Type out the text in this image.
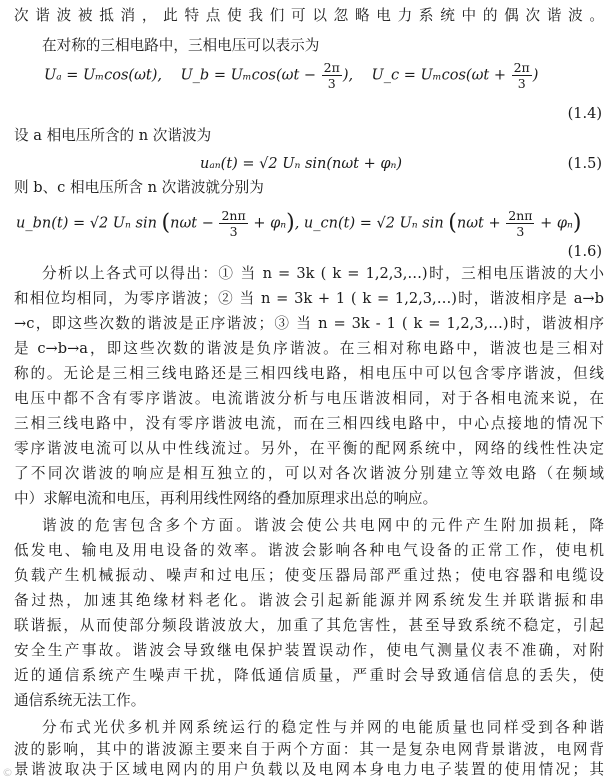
次谐波被抵消，此特点使我们可以忽略电力系统中的偶次谐波。
在对称的三相电路中，三相电压可以表示为
Uₐ = Uₘcos(ωt), U_b = $U_m\cos(\omega t - \frac{2\pi}{3}$ ), U_c = $U_m\cos(\omega t + \frac{2\pi}{3}$ )
(1.4)
设 a 相电压所含的 n 次谐波为
uₐₙ(t) = √2 Uₙ sin(nωt + φₙ)	(1.5)
则 b、c 相电压所含 n 次谐波就分别为
u_bn(t) = √2 Uₙ $\sin (n\omega t - \frac{2n\pi}{3} + \varphi_n)$, u_cn(t) = √2 Uₙ $\sin (n\omega t + \frac{2n\pi}{3} + \varphi_n)$
(1.6)
分析以上各式可以得出：① 当 n = 3k ( k = 1,2,3,…)时，三相电压谐波的大小
和相位均相同，为零序谐波；② 当 n = 3k + 1 ( k = 1,2,3,…)时，谐波相序是 a→b
→c，即这些次数的谐波是正序谐波；③ 当 n = 3k - 1 ( k = 1,2,3,…)时，谐波相序
是 c→b→a，即这些次数的谐波是负序谐波。在三相对称电路中，谐波也是三相对
称的。无论是三相三线电路还是三相四线电路，相电压中可以包含零序谐波，但线
电压中都不含有零序谐波。电流谐波分析与电压谐波相同，对于各相电流来说，在
三相三线电路中，没有零序谐波电流，而在三相四线电路中，中心点接地的情况下
零序谐波电流可以从中性线流过。另外，在平衡的配网系统中，网络的线性性决定
了不同次谐波的响应是相互独立的，可以对各次谐波分别建立等效电路（在频域
中）求解电流和电压，再利用线性网络的叠加原理求出总的响应。
谐波的危害包含多个方面。谐波会使公共电网中的元件产生附加损耗，降
低发电、输电及用电设备的效率。谐波会影响各种电气设备的正常工作，使电机
负载产生机械振动、噪声和过电压；使变压器局部严重过热；使电容器和电缆设
备过热，加速其绝缘材料老化。谐波会引起新能源并网系统发生并联谐振和串
联谐振，从而使部分频段谐波放大，加重了其危害性，甚至导致系统不稳定，引起
安全生产事故。谐波会导致继电保护装置误动作，使电气测量仪表不准确，对附
近的通信系统产生噪声干扰，降低通信质量，严重时会导致通信信息的丢失，使
通信系统无法工作。
分布式光伏多机并网系统运行的稳定性与并网的电能质量也同样受到各种谐
波的影响，其中的谐波源主要来自于两个方面：其一是复杂电网背景谐波，电网背
景谐波取决于区域电网内的用户负载以及电网本身电力电子装置的使用情况；其
©
